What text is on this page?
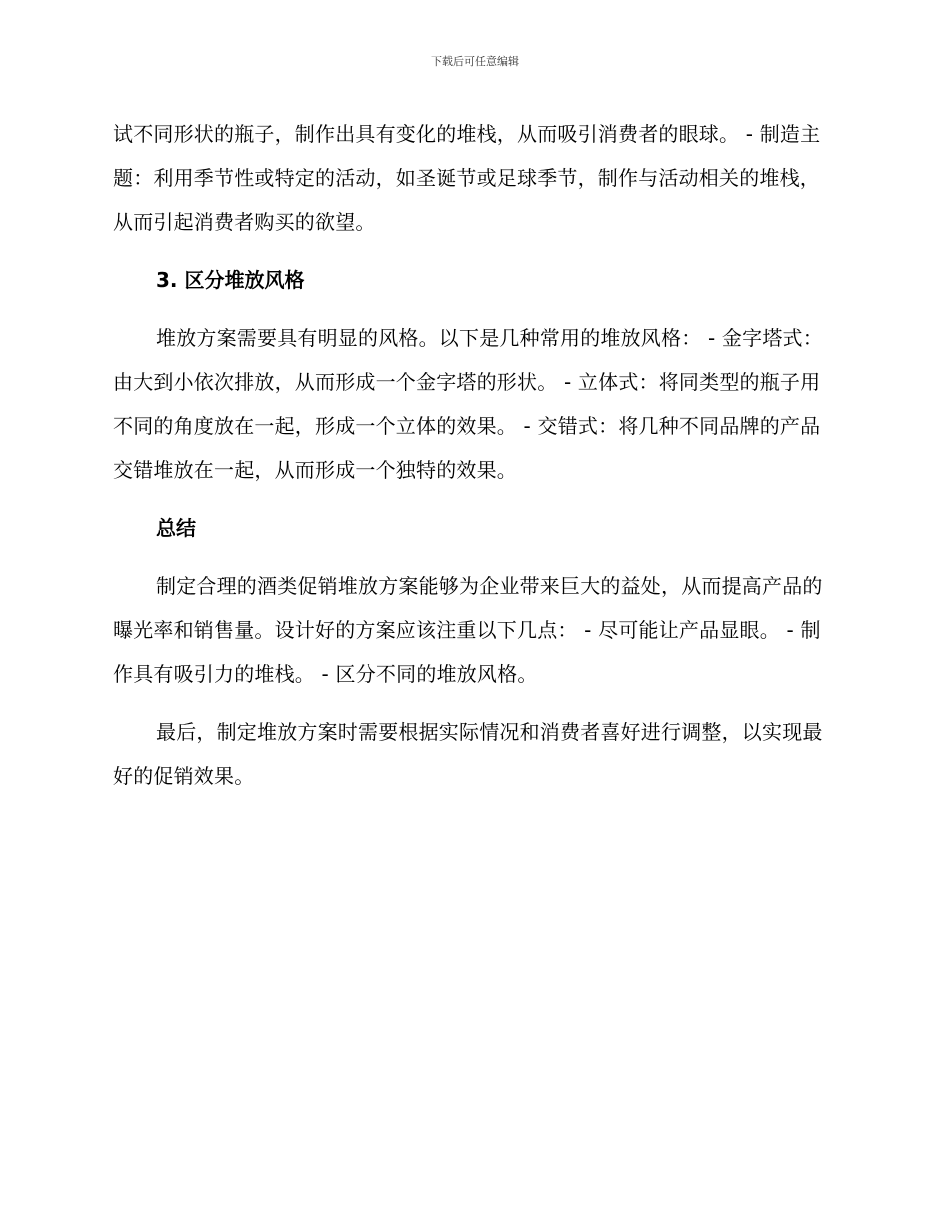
下载后可任意编辑

试不同形状的瓶子，制作出具有变化的堆栈，从而吸引消费者的眼球。 - 制造主题：利用季节性或特定的活动，如圣诞节或足球季节，制作与活动相关的堆栈，从而引起消费者购买的欲望。

3. 区分堆放风格

堆放方案需要具有明显的风格。以下是几种常用的堆放风格： - 金字塔式：由大到小依次排放，从而形成一个金字塔的形状。 - 立体式：将同类型的瓶子用不同的角度放在一起，形成一个立体的效果。 - 交错式：将几种不同品牌的产品交错堆放在一起，从而形成一个独特的效果。

总结

制定合理的酒类促销堆放方案能够为企业带来巨大的益处，从而提高产品的曝光率和销售量。设计好的方案应该注重以下几点： - 尽可能让产品显眼。 - 制作具有吸引力的堆栈。 - 区分不同的堆放风格。

最后，制定堆放方案时需要根据实际情况和消费者喜好进行调整，以实现最好的促销效果。
